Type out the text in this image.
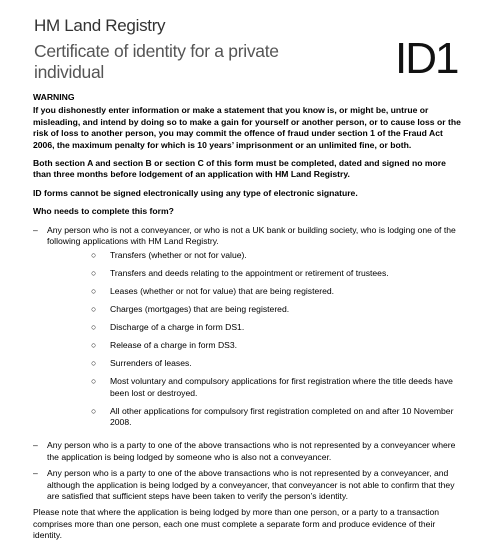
HM Land Registry
Certificate of identity for a private individual	ID1
WARNING

If you dishonestly enter information or make a statement that you know is, or might be, untrue or misleading, and intend by doing so to make a gain for yourself or another person, or to cause loss or the risk of loss to another person, you may commit the offence of fraud under section 1 of the Fraud Act 2006, the maximum penalty for which is 10 years’ imprisonment or an unlimited fine, or both.

Both section A and section B or section C of this form must be completed, dated and signed no more than three months before lodgement of an application with HM Land Registry.

ID forms cannot be signed electronically using any type of electronic signature.

Who needs to complete this form?

–	Any person who is not a conveyancer, or who is not a UK bank or building society, who is lodging one of the following applications with HM Land Registry.
○	Transfers (whether or not for value).
○	Transfers and deeds relating to the appointment or retirement of trustees.
○	Leases (whether or not for value) that are being registered.
○	Charges (mortgages) that are being registered.
○	Discharge of a charge in form DS1.
○	Release of a charge in form DS3.
○	Surrenders of leases.
○	Most voluntary and compulsory applications for first registration where the title deeds have been lost or destroyed.
○	All other applications for compulsory first registration completed on and after 10 November 2008.
–	Any person who is a party to one of the above transactions who is not represented by a conveyancer where the application is being lodged by someone who is also not a conveyancer.
–	Any person who is a party to one of the above transactions who is not represented by a conveyancer, and although the application is being lodged by a conveyancer, that conveyancer is not able to confirm that they are satisfied that sufficient steps have been taken to verify the person’s identity.

Please note that where the application is being lodged by more than one person, or a party to a transaction comprises more than one person, each one must complete a separate form and produce evidence of their identity.
